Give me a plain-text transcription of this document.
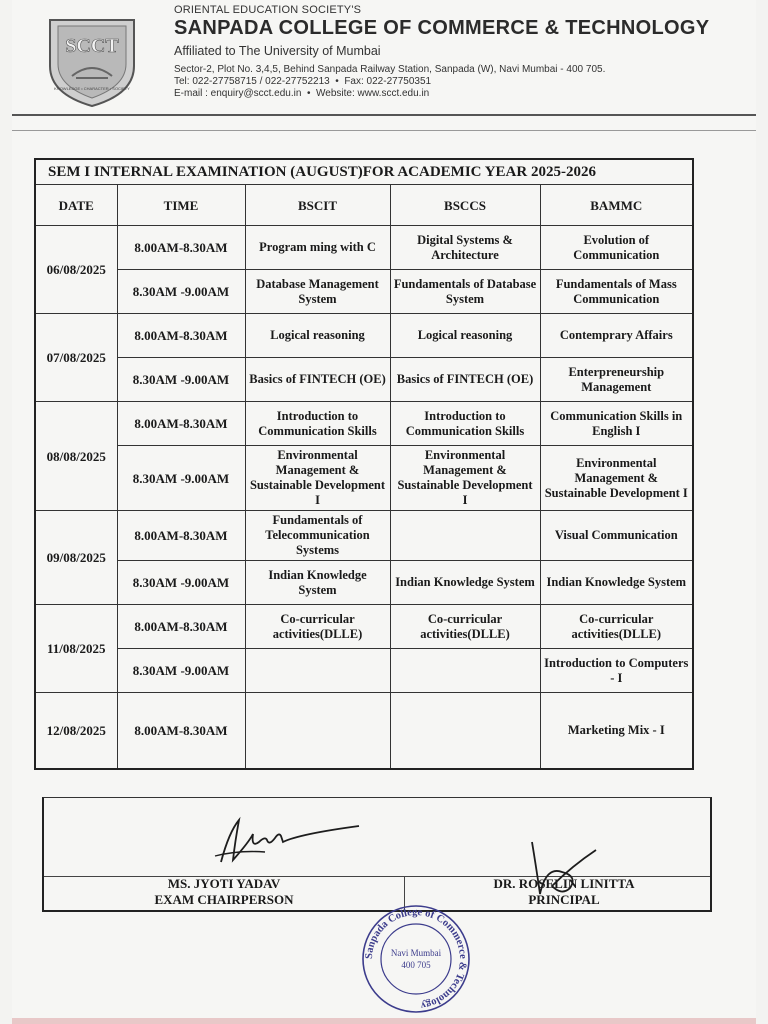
SCCT
KNOWLEDGE • CHARACTER • SOCIETY
ORIENTAL EDUCATION SOCIETY'S
SANPADA COLLEGE OF COMMERCE & TECHNOLOGY
Affiliated to The University of Mumbai
Sector-2, Plot No. 3,4,5, Behind Sanpada Railway Station, Sanpada (W), Navi Mumbai - 400 705.
Tel: 022-27758715 / 022-27752213  •  Fax: 022-27750351
E-mail : enquiry@scct.edu.in  •  Website: www.scct.edu.in
SEM I INTERNAL EXAMINATION (AUGUST)FOR ACADEMIC YEAR 2025-2026				
DATE	TIME	BSCIT	BSCCS	BAMMC
06/08/2025	8.00AM-8.30AM	Program ming with C	Digital Systems & Architecture	Evolution of Communication
	8.30AM -9.00AM	Database Management System	Fundamentals of Database System	Fundamentals of Mass Communication
07/08/2025	8.00AM-8.30AM	Logical reasoning	Logical reasoning	Contemprary Affairs
	8.30AM -9.00AM	Basics of FINTECH (OE)	Basics of FINTECH (OE)	Enterpreneurship Management
08/08/2025	8.00AM-8.30AM	Introduction to Communication Skills	Introduction to Communication Skills	Communication Skills in English I
	8.30AM -9.00AM	Environmental Management & Sustainable Development I	Environmental Management & Sustainable Development I	Environmental Management & Sustainable Development I
09/08/2025	8.00AM-8.30AM	Fundamentals of Telecommunication Systems		Visual Communication
	8.30AM -9.00AM	Indian Knowledge System	Indian Knowledge System	Indian Knowledge System
11/08/2025	8.00AM-8.30AM	Co-curricular activities(DLLE)	Co-curricular activities(DLLE)	Co-curricular activities(DLLE)
	8.30AM -9.00AM			Introduction to Computers - I
12/08/2025	8.00AM-8.30AM			Marketing Mix - I
MS. JYOTI YADAV
EXAM CHAIRPERSON
DR. ROSELIN LINITTA
PRINCIPAL
Sanpada College of Commerce & Technology
Navi Mumbai
400 705
